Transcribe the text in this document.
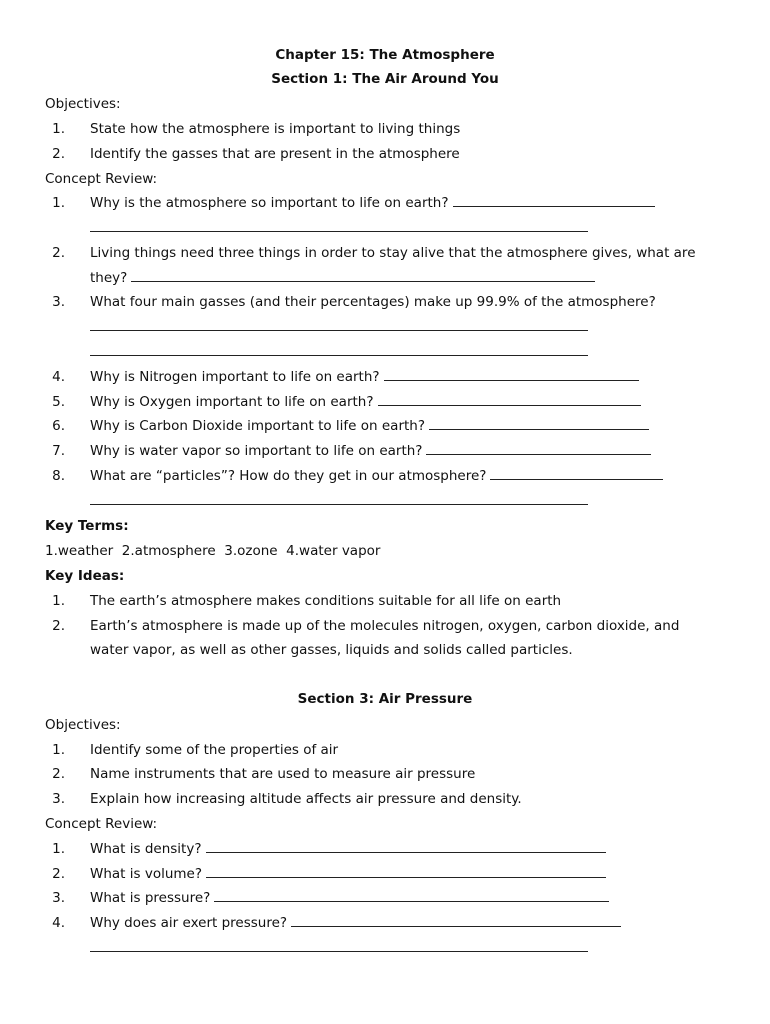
Chapter 15: The Atmosphere
Section 1: The Air Around You
Objectives:
1. State how the atmosphere is important to living things
2. Identify the gasses that are present in the atmosphere
Concept Review:
1. Why is the atmosphere so important to life on earth?
2. Living things need three things in order to stay alive that the atmosphere gives, what are
they?
3. What four main gasses (and their percentages) make up 99.9% of the atmosphere?
4. Why is Nitrogen important to life on earth?
5. Why is Oxygen important to life on earth?
6. Why is Carbon Dioxide important to life on earth?
7. Why is water vapor so important to life on earth?
8. What are “particles”? How do they get in our atmosphere?
Key Terms:
1.weather  2.atmosphere  3.ozone  4.water vapor
Key Ideas:
1. The earth’s atmosphere makes conditions suitable for all life on earth
2. Earth’s atmosphere is made up of the molecules nitrogen, oxygen, carbon dioxide, and
water vapor, as well as other gasses, liquids and solids called particles.
Section 3: Air Pressure
Objectives:
1. Identify some of the properties of air
2. Name instruments that are used to measure air pressure
3. Explain how increasing altitude affects air pressure and density.
Concept Review:
1. What is density?
2. What is volume?
3. What is pressure?
4. Why does air exert pressure?
